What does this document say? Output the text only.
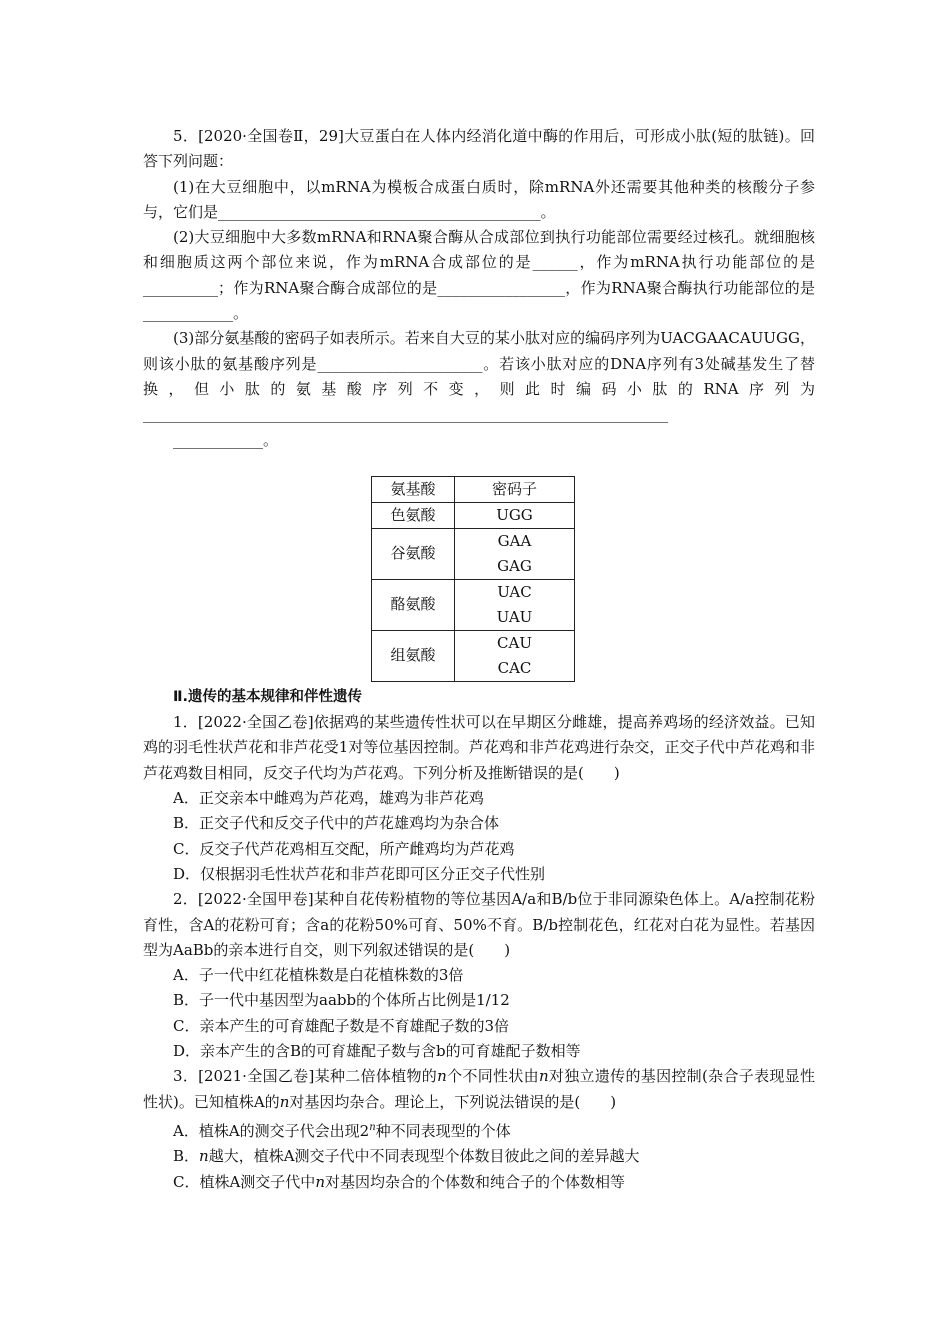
5．[2020·全国卷Ⅱ，29]大豆蛋白在人体内经消化道中酶的作用后，可形成小肽(短的肽链)。回答下列问题：

(1)在大豆细胞中，以mRNA为模板合成蛋白质时，除mRNA外还需要其他种类的核酸分子参与，它们是___________________________________________。

(2)大豆细胞中大多数mRNA和RNA聚合酶从合成部位到执行功能部位需要经过核孔。就细胞核和细胞质这两个部位来说，作为mRNA合成部位的是______，作为mRNA执行功能部位的是__________；作为RNA聚合酶合成部位的是_________________，作为RNA聚合酶执行功能部位的是____________。

(3)部分氨基酸的密码子如表所示。若来自大豆的某小肽对应的编码序列为UACGAACAUUGG，则该小肽的氨基酸序列是______________________。若该小肽对应的DNA序列有3处碱基发生了替换，但小肽的氨基酸序列不变，则此时编码小肽的RNA序列为______________________________________________________________________

____________。

氨基酸	密码子
色氨酸	UGG
谷氨酸	GAA
GAG

酪氨酸	UAC
UAU

组氨酸	CAU
CAC

Ⅱ.遗传的基本规律和伴性遗传

1．[2022·全国乙卷]依据鸡的某些遗传性状可以在早期区分雌雄，提高养鸡场的经济效益。已知鸡的羽毛性状芦花和非芦花受1对等位基因控制。芦花鸡和非芦花鸡进行杂交，正交子代中芦花鸡和非芦花鸡数目相同，反交子代均为芦花鸡。下列分析及推断错误的是(　　)

A．正交亲本中雌鸡为芦花鸡，雄鸡为非芦花鸡

B．正交子代和反交子代中的芦花雄鸡均为杂合体

C．反交子代芦花鸡相互交配，所产雌鸡均为芦花鸡

D．仅根据羽毛性状芦花和非芦花即可区分正交子代性别

2．[2022·全国甲卷]某种自花传粉植物的等位基因A/a和B/b位于非同源染色体上。A/a控制花粉育性，含A的花粉可育；含a的花粉50%可育、50%不育。B/b控制花色，红花对白花为显性。若基因型为AaBb的亲本进行自交，则下列叙述错误的是(　　)

A．子一代中红花植株数是白花植株数的3倍

B．子一代中基因型为aabb的个体所占比例是1/12

C．亲本产生的可育雄配子数是不育雄配子数的3倍

D．亲本产生的含B的可育雄配子数与含b的可育雄配子数相等

3．[2021·全国乙卷]某种二倍体植物的n个不同性状由n对独立遗传的基因控制(杂合子表现显性性状)。已知植株A的n对基因均杂合。理论上，下列说法错误的是(　　)

A．植株A的测交子代会出现2$^n$种不同表现型的个体

B．n越大，植株A测交子代中不同表现型个体数目彼此之间的差异越大

C．植株A测交子代中n对基因均杂合的个体数和纯合子的个体数相等
